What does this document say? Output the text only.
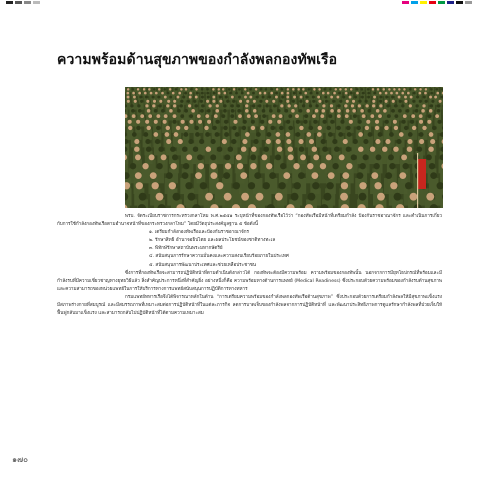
ความพร้อมด้านสุขภาพของกำลังพลกองทัพเรือ

พรบ. จัดระเบียบราชการกระทรวงกลาโหม พ.ศ.๒๕๕๑ ระบุหน้าที่ของกองทัพเรือไว้ว่า “กองทัพเรือมีหน้าที่เตรียมกำลัง ป้องกันราชอาณาจักร และดำเนินการเกี่ยวกับการใช้กำลังกองทัพเรือตามอำนาจหน้าที่ของกระทรวงกลาโหม” โดยมีวัตถุประสงค์มูลฐาน ๕ ข้อดังนี้

๑. เตรียมกำลังกองทัพเรือและป้องกันราชอาณาจักร
๒. รักษาสิทธิ อำนาจอธิปไตย และผลประโยชน์ของชาติทางทะเล
๓. พิทักษ์รักษาสถาบันพระมหากษัตริย์
๔. สนับสนุนการรักษาความมั่นคงและความสงบเรียบร้อยภายในประเทศ
๕. สนับสนุนการพัฒนาประเทศและช่วยเหลือประชาชน

ซึ่งการที่กองทัพเรือจะสามารถปฏิบัติหน้าที่ตามดำเนินดังกล่าวได้ กองทัพจะต้องมีความพร้อม ความพร้อมของกองทัพนั้น นอกจากการมียุทโธปกรณ์ที่พร้อมและมีกำลังรบที่มีความเชี่ยวชาญทางยุทธวิธีแล้ว สิ่งสำคัญประการหนึ่งที่สำคัญยิ่ง อย่างหนึ่งก็คือ ความพร้อมทางด้านการแพทย์ (Medical Readiness) ซึ่งประกอบด้วยความพร้อมของกำลังรบด้านสุขภาพ และความสามารถของหน่วยแพทย์ในการให้บริการทางการแพทย์สนับสนุนการปฏิบัติการทางทหาร

กรมแพทย์ทหารเรือจึงได้พิจารณาหลักในด้าน “การเตรียมความพร้อมของกำลังพลกองทัพเรือด้านสุขภาพ” ซึ่งประกอบด้วยการเตรียมกำลังพลให้มีสุขภาพแข็งแรง มีสภาพร่างกายที่สมบูรณ์ และมีสมรรถภาพที่เหมาะสมต่อการปฏิบัติหน้าที่ในแต่ละภารกิจ ลดการบาดเจ็บของกำลังพลจากการปฏิบัติหน้าที่ และพัฒนาประสิทธิภาพการดูแลรักษากำลังพลที่ป่วยเจ็บให้ฟื้นฟูกลับมาแข็งแรง และสามารถกลับไปปฏิบัติหน้าที่ได้ตามความเหมาะสม

๑๗๐
